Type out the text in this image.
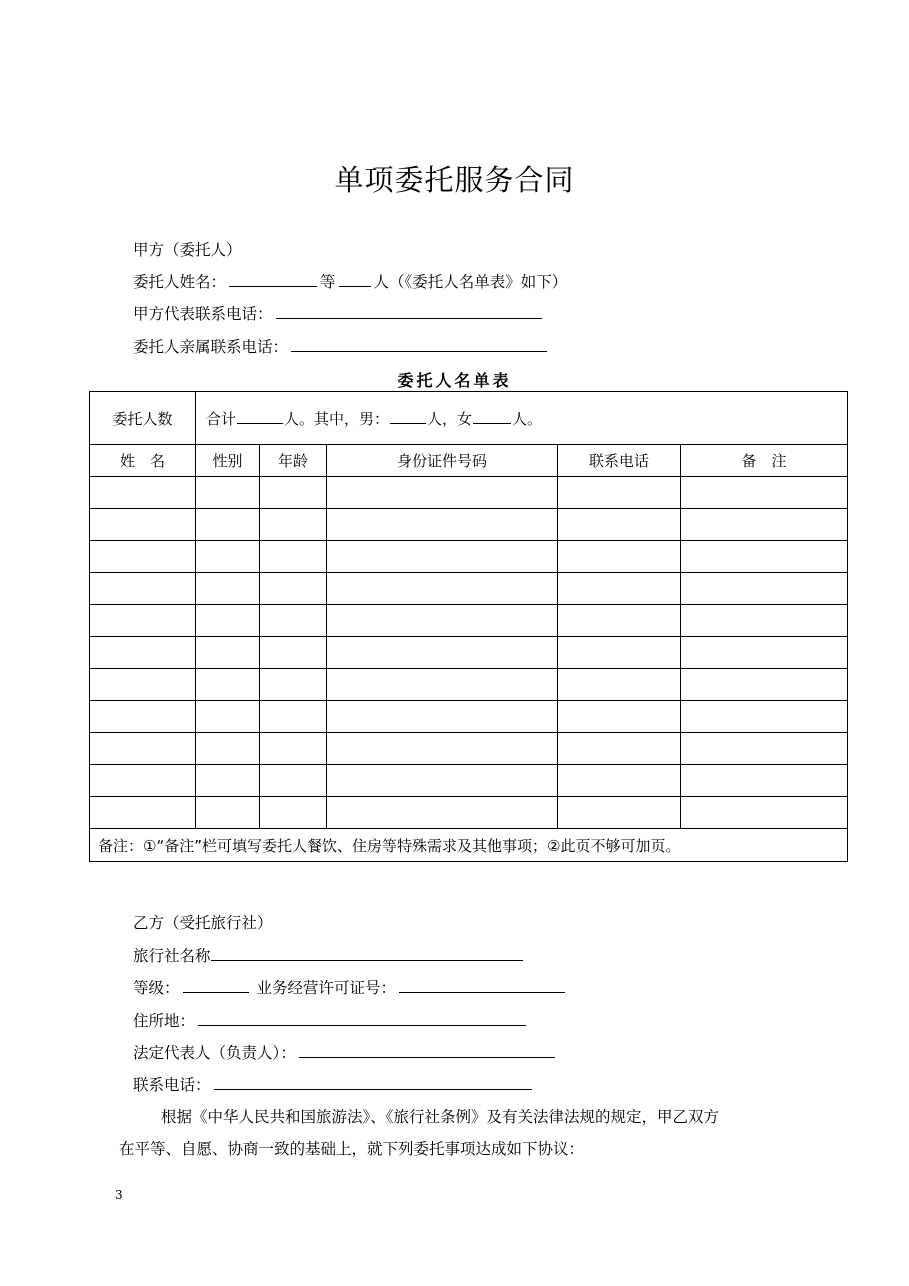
单项委托服务合同
甲方（委托人）
委托人姓名：	等 人（《委托人名单表》如下）
甲方代表联系电话：
委托人亲属联系电话：
委托人名单表
委托人数	合计 人。其中，男： 人，女 人。				
姓　名	性别	年龄	身份证件号码	联系电话	备　注

备注：①“备注”栏可填写委托人餐饮、住房等特殊需求及其他事项；②此页不够可加页。					
乙方（受托旅行社）
旅行社名称
等级：	业务经营许可证号：
住所地：
法定代表人（负责人）：
联系电话：
根据《中华人民共和国旅游法》、《旅行社条例》及有关法律法规的规定，甲乙双方
在平等、自愿、协商一致的基础上，就下列委托事项达成如下协议：
3
